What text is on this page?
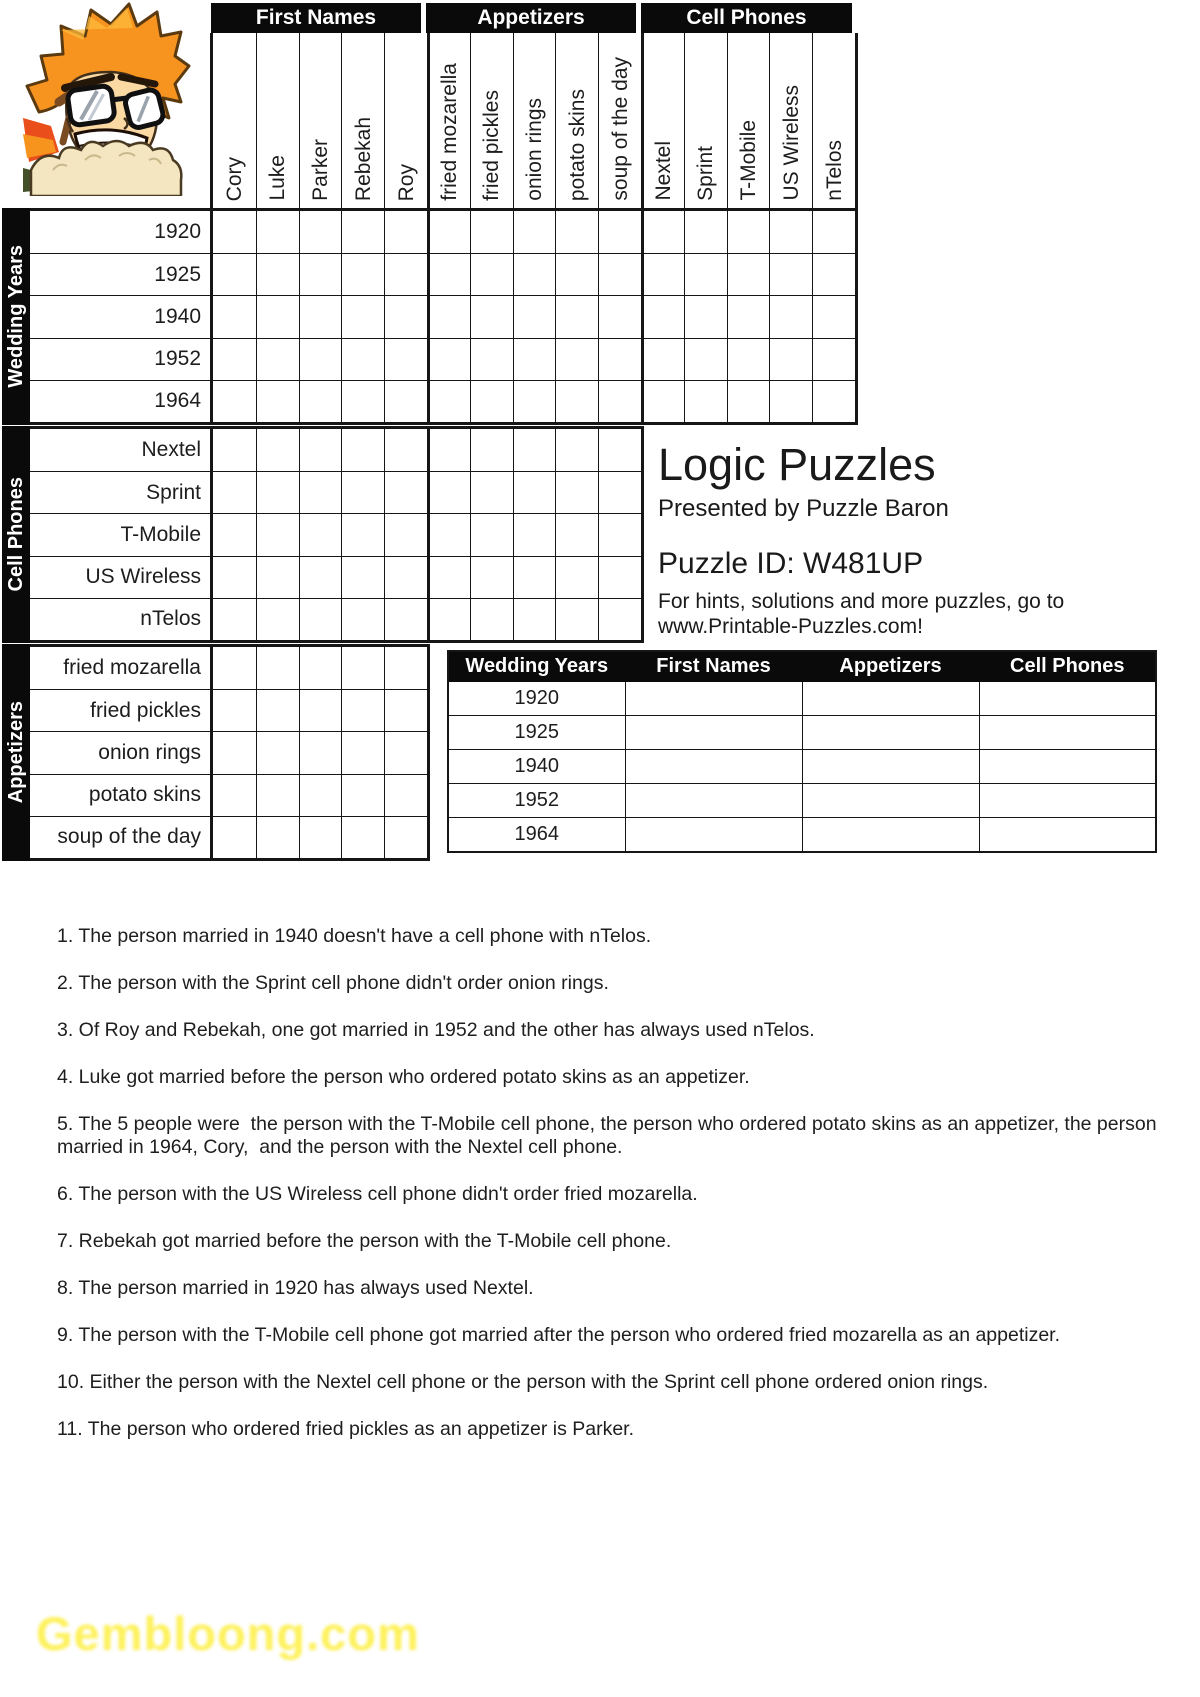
First Names	Appetizers	Cell Phones
Cory Luke Parker Rebekah Roy fried mozarella fried pickles onion rings potato skins soup of the day Nextel Sprint T-Mobile US Wireless nTelos
Wedding Years
Cell Phones
Appetizers
1920
1925
1940
1952
1964
Nextel
Sprint
T-Mobile
US Wireless
nTelos
fried mozarella
fried pickles
onion rings
potato skins
soup of the day
Logic Puzzles
Presented by Puzzle Baron
Puzzle ID: W481UP
For hints, solutions and more puzzles, go to
www.Printable-Puzzles.com!
Wedding Years	First Names	Appetizers	Cell Phones
1920			
1925			
1940			
1952			
1964			
1. The person married in 1940 doesn't have a cell phone with nTelos.
2. The person with the Sprint cell phone didn't order onion rings.
3. Of Roy and Rebekah, one got married in 1952 and the other has always used nTelos.
4. Luke got married before the person who ordered potato skins as an appetizer.
5. The 5 people were  the person with the T-Mobile cell phone, the person who ordered potato skins as an appetizer, the person married in 1964, Cory,  and the person with the Nextel cell phone.
6. The person with the US Wireless cell phone didn't order fried mozarella.
7. Rebekah got married before the person with the T-Mobile cell phone.
8. The person married in 1920 has always used Nextel.
9. The person with the T-Mobile cell phone got married after the person who ordered fried mozarella as an appetizer.
10. Either the person with the Nextel cell phone or the person with the Sprint cell phone ordered onion rings.
11. The person who ordered fried pickles as an appetizer is Parker.
Gembloong.com
